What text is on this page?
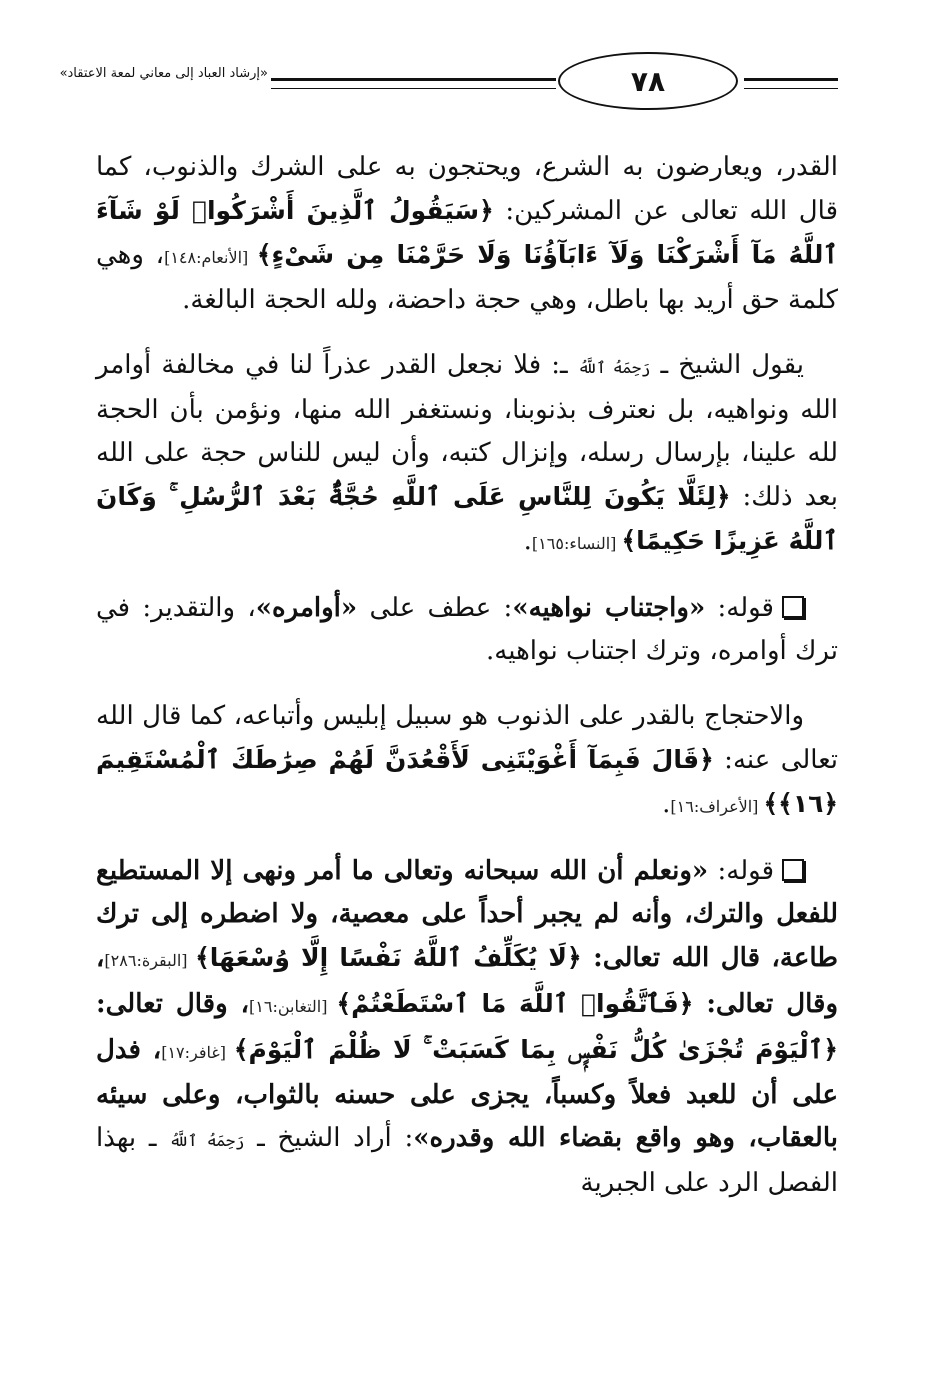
٧٨
«إرشاد العباد إلى معاني لمعة الاعتقاد»

القدر، ويعارضون به الشرع، ويحتجون به على الشرك والذنوب، كما قال الله تعالى عن المشركين: ﴿سَيَقُولُ ٱلَّذِينَ أَشْرَكُوا۟ لَوْ شَآءَ ٱللَّهُ مَآ أَشْرَكْنَا وَلَآ ءَابَآؤُنَا وَلَا حَرَّمْنَا مِن شَىْءٍ﴾ [الأنعام:١٤٨]، وهي كلمة حق أريد بها باطل، وهي حجة داحضة، ولله الحجة البالغة.

يقول الشيخ ـ رَحِمَهُ ٱللَّهُ ـ: فلا نجعل القدر عذراً لنا في مخالفة أوامر الله ونواهيه، بل نعترف بذنوبنا، ونستغفر الله منها، ونؤمن بأن الحجة لله علينا، بإرسال رسله، وإنزال كتبه، وأن ليس للناس حجة على الله بعد ذلك: ﴿لِئَلَّا يَكُونَ لِلنَّاسِ عَلَى ٱللَّهِ حُجَّةٌۢ بَعْدَ ٱلرُّسُلِ ۚ وَكَانَ ٱللَّهُ عَزِيزًا حَكِيمًا﴾ [النساء:١٦٥].

قوله: «واجتناب نواهيه»: عطف على «أوامره»، والتقدير: في ترك أوامره، وترك اجتناب نواهيه.

والاحتجاج بالقدر على الذنوب هو سبيل إبليس وأتباعه، كما قال الله تعالى عنه: ﴿قَالَ فَبِمَآ أَغْوَيْتَنِى لَأَقْعُدَنَّ لَهُمْ صِرَٰطَكَ ٱلْمُسْتَقِيمَ ﴿١٦﴾﴾ [الأعراف:١٦].

قوله: «ونعلم أن الله سبحانه وتعالى ما أمر ونهى إلا المستطيع للفعل والترك، وأنه لم يجبر أحداً على معصية، ولا اضطره إلى ترك طاعة، قال الله تعالى: ﴿لَا يُكَلِّفُ ٱللَّهُ نَفْسًا إِلَّا وُسْعَهَا﴾ [البقرة:٢٨٦]، وقال تعالى: ﴿فَٱتَّقُوا۟ ٱللَّهَ مَا ٱسْتَطَعْتُمْ﴾ [التغابن:١٦]، وقال تعالى: ﴿ٱلْيَوْمَ تُجْزَىٰ كُلُّ نَفْسٍۭ بِمَا كَسَبَتْ ۚ لَا ظُلْمَ ٱلْيَوْمَ﴾ [غافر:١٧]، فدل على أن للعبد فعلاً وكسباً، يجزى على حسنه بالثواب، وعلى سيئه بالعقاب، وهو واقع بقضاء الله وقدره»: أراد الشيخ ـ رَحِمَهُ ٱللَّهُ ـ بهذا الفصل الرد على الجبرية
